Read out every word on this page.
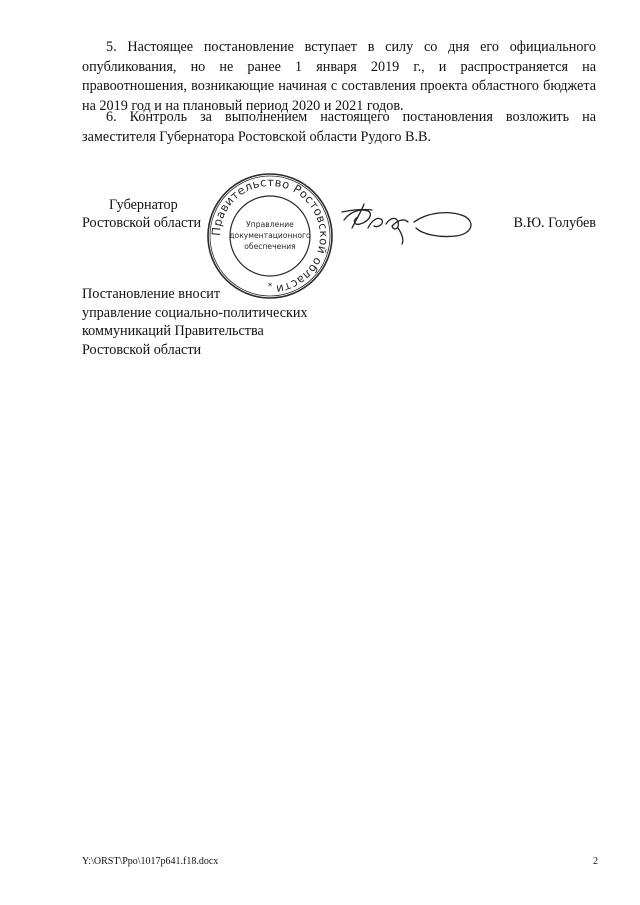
5. Настоящее постановление вступает в силу со дня его официального опубликования, но не ранее 1 января 2019 г., и распространяется на правоотношения, возникающие начиная с составления проекта областного бюджета на 2019 год и на плановый период 2020 и 2021 годов.

6. Контроль за выполнением настоящего постановления возложить на заместителя Губернатора Ростовской области Рудого В.В.

Губернатор
Ростовской области	В.Ю. Голубев
Правительство Ростовской области
Управление
документационного
обеспечения
*
Постановление вносит
управление социально-политических
коммуникаций Правительства
Ростовской области
Y:\ORST\Ppo\1017p641.f18.docx	2
